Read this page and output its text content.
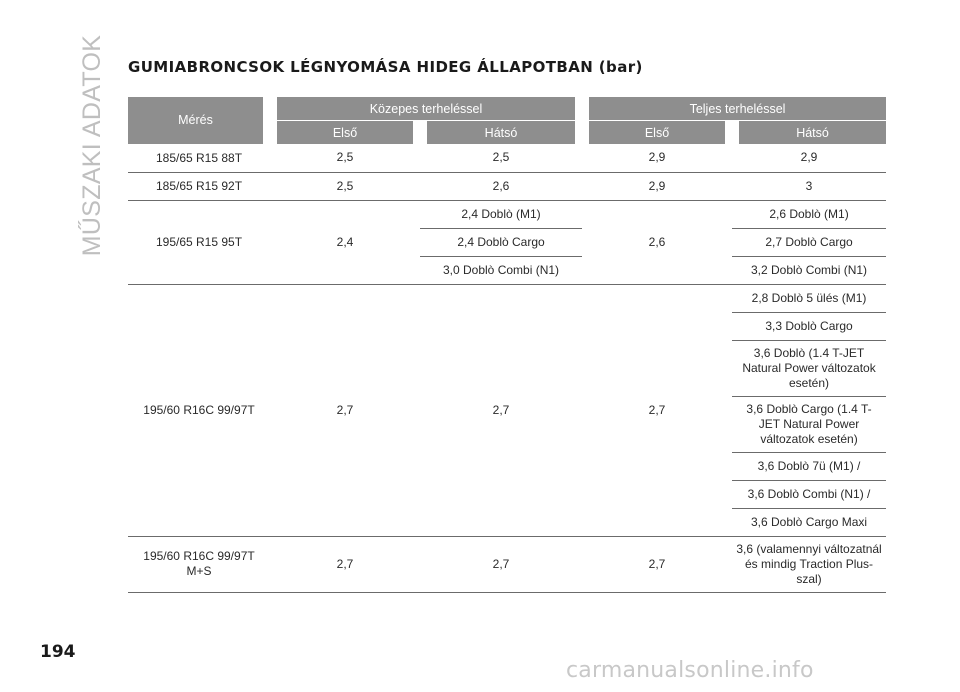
MŰSZAKI ADATOK GUMIABRONCSOK LÉGNYOMÁSA HIDEG ÁLLAPOTBAN (bar)
Mérés	Közepes terheléssel		Teljes terheléssel	
	Első	Hátsó	Első	Hátsó
185/65 R15 88T	2,5	2,5	2,9	2,9
185/65 R15 92T	2,5	2,6	2,9	3
195/65 R15 95T	2,4	2,4 Doblò (M1)	2,6	2,6 Doblò (M1)
		2,4 Doblò Cargo		2,7 Doblò Cargo
		3,0 Doblò Combi (N1)		3,2 Doblò Combi (N1)
195/60 R16C 99/97T	2,7	2,7	2,7	2,8 Doblò 5 ülés (M1)
				3,3 Doblò Cargo
				3,6 Doblò (1.4 T-JET Natural Power változatok esetén)
				3,6 Doblò Cargo (1.4 T-JET Natural Power változatok esetén)
				3,6 Doblò 7ü (M1) /
				3,6 Doblò Combi (N1) /
				3,6 Doblò Cargo Maxi
195/60 R16C 99/97T M+S	2,7	2,7	2,7	3,6 (valamennyi változatnál és mindig Traction Plus-szal)
194
carmanualsonline.info
